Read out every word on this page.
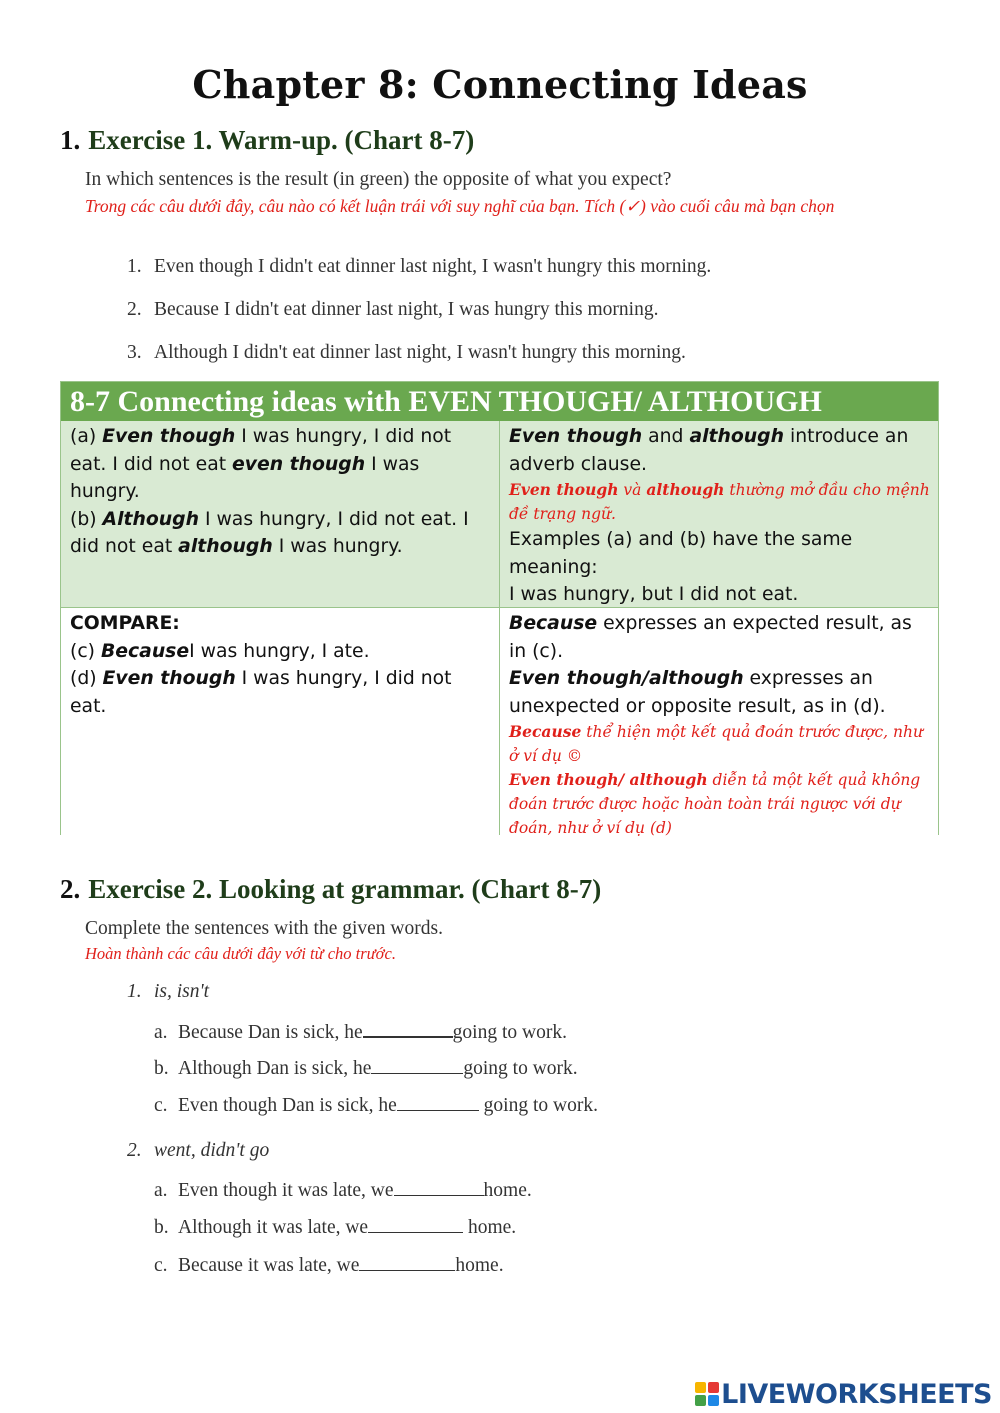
Chapter 8: Connecting Ideas
1. Exercise 1. Warm-up. (Chart 8-7)
In which sentences is the result (in green) the opposite of what you expect?
Trong các câu dưới đây, câu nào có kết luận trái với suy nghĩ của bạn. Tích (✓) vào cuối câu mà bạn chọn
1. Even though I didn't eat dinner last night, I wasn't hungry this morning.
2. Because I didn't eat dinner last night, I was hungry this morning.
3. Although I didn't eat dinner last night, I wasn't hungry this morning.
8-7 Connecting ideas with EVEN THOUGH/ ALTHOUGH
(a) Even though I was hungry, I did not eat. I did not eat even though I was hungry.
(b) Although I was hungry, I did not eat. I did not eat although I was hungry.
Even though and although introduce an adverb clause.
Even though và although thường mở đầu cho mệnh đề trạng ngữ.
Examples (a) and (b) have the same meaning:
I was hungry, but I did not eat.
COMPARE:
(c) BecauseI was hungry, I ate.
(d) Even though I was hungry, I did not eat.
Because expresses an expected result, as in (c).
Even though/although expresses an unexpected or opposite result, as in (d).
Because thể hiện một kết quả đoán trước được, như ở ví dụ ©
Even though/ although diễn tả một kết quả không đoán trước được hoặc hoàn toàn trái ngược với dự đoán, như ở ví dụ (d)
2. Exercise 2. Looking at grammar. (Chart 8-7)
Complete the sentences with the given words.
Hoàn thành các câu dưới đây với từ cho trước.
1. is, isn't
a. Because Dan is sick, he	going to work.
b. Although Dan is sick, he	going to work.
c. Even though Dan is sick, he	going to work.
2. went, didn't go
a. Even though it was late, we	home.
b. Although it was late, we	home.
c. Because it was late, we	home.
LIVEWORKSHEETS
